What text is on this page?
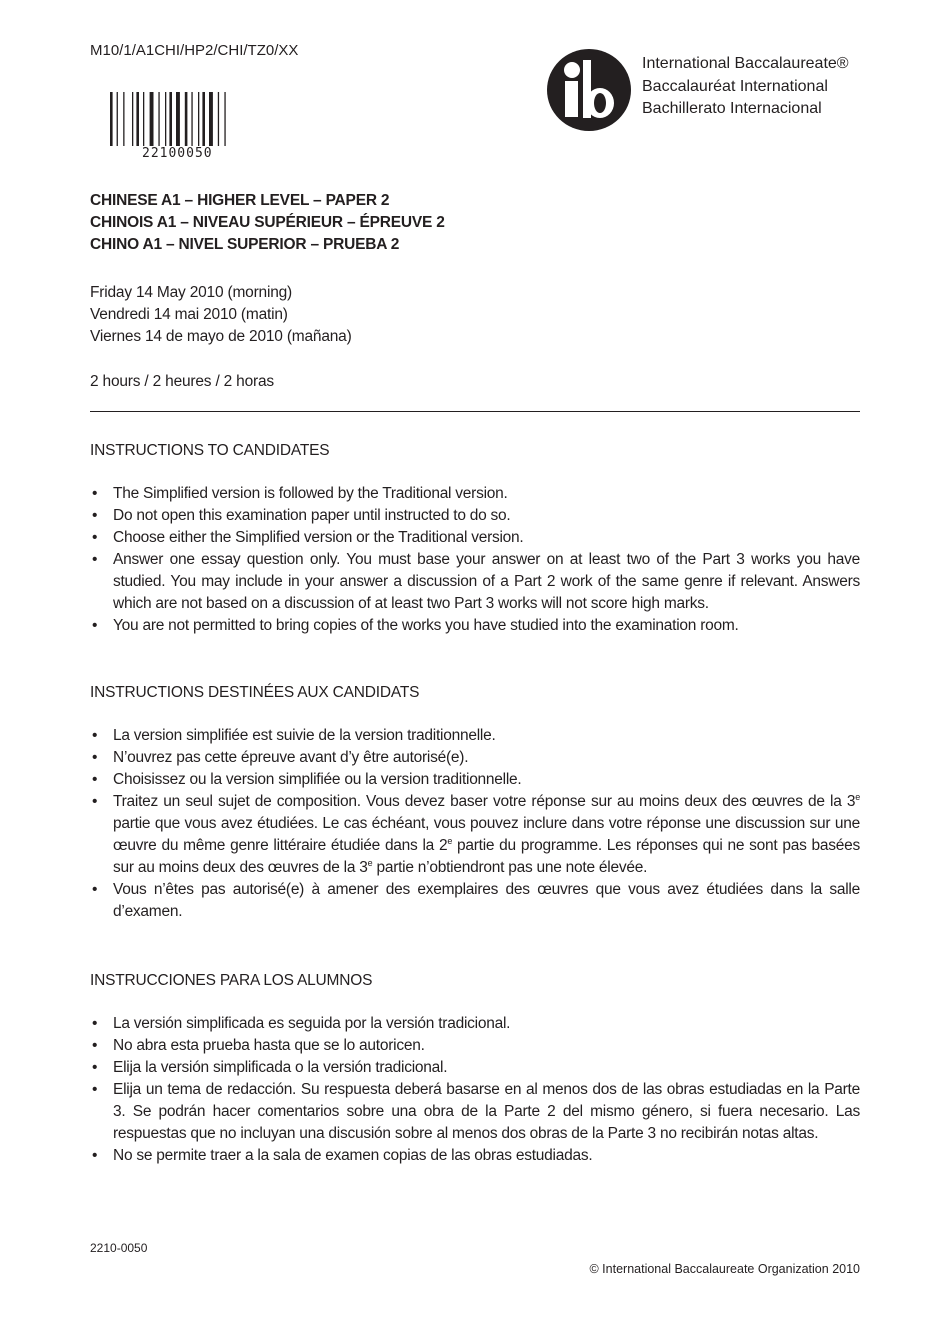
M10/1/A1CHI/HP2/CHI/TZ0/XX
22100050
International Baccalaureate®
Baccalauréat International
Bachillerato Internacional
CHINESE A1 – HIGHER LEVEL – PAPER 2
CHINOIS A1 – NIVEAU SUPÉRIEUR – ÉPREUVE 2
CHINO A1 – NIVEL SUPERIOR – PRUEBA 2
Friday 14 May 2010 (morning)
Vendredi 14 mai 2010 (matin)
Viernes 14 de mayo de 2010 (mañana)
2 hours / 2 heures / 2 horas
INSTRUCTIONS TO CANDIDATES
• The Simplified version is followed by the Traditional version.
• Do not open this examination paper until instructed to do so.
• Choose either the Simplified version or the Traditional version.
• Answer one essay question only. You must base your answer on at least two of the Part 3 works you have studied. You may include in your answer a discussion of a Part 2 work of the same genre if relevant. Answers which are not based on a discussion of at least two Part 3 works will not score high marks.
• You are not permitted to bring copies of the works you have studied into the examination room.
INSTRUCTIONS DESTINÉES AUX CANDIDATS
• La version simplifiée est suivie de la version traditionnelle.
• N’ouvrez pas cette épreuve avant d’y être autorisé(e).
• Choisissez ou la version simplifiée ou la version traditionnelle.
• Traitez un seul sujet de composition. Vous devez baser votre réponse sur au moins deux des œuvres de la 3e partie que vous avez étudiées. Le cas échéant, vous pouvez inclure dans votre réponse une discussion sur une œuvre du même genre littéraire étudiée dans la 2e partie du programme. Les réponses qui ne sont pas basées sur au moins deux des œuvres de la 3e partie n’obtiendront pas une note élevée.
• Vous n’êtes pas autorisé(e) à amener des exemplaires des œuvres que vous avez étudiées dans la salle d’examen.
INSTRUCCIONES PARA LOS ALUMNOS
• La versión simplificada es seguida por la versión tradicional.
• No abra esta prueba hasta que se lo autoricen.
• Elija la versión simplificada o la versión tradicional.
• Elija un tema de redacción. Su respuesta deberá basarse en al menos dos de las obras estudiadas en la Parte 3. Se podrán hacer comentarios sobre una obra de la Parte 2 del mismo género, si fuera necesario. Las respuestas que no incluyan una discusión sobre al menos dos obras de la Parte 3 no recibirán notas altas.
• No se permite traer a la sala de examen copias de las obras estudiadas.
2210-0050
© International Baccalaureate Organization 2010
